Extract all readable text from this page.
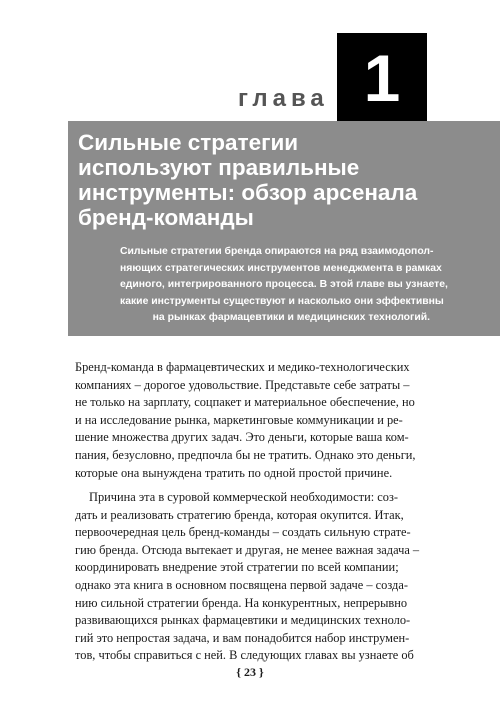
глава 1
Сильные стратегии
используют правильные
инструменты: обзор арсенала
бренд-команды
Сильные стратегии бренда опираются на ряд взаимодопол-
няющих стратегических инструментов менеджмента в рамках
единого, интегрированного процесса. В этой главе вы узнаете,
какие инструменты существуют и насколько они эффективны
на рынках фармацевтики и медицинских технологий.
Бренд-команда в фармацевтических и медико-технологических
компаниях – дорогое удовольствие. Представьте себе затраты –
не только на зарплату, соцпакет и материальное обеспечение, но
и на исследование рынка, маркетинговые коммуникации и ре-
шение множества других задач. Это деньги, которые ваша ком-
пания, безусловно, предпочла бы не тратить. Однако это деньги,
которые она вынуждена тратить по одной простой причине.
Причина эта в суровой коммерческой необходимости: соз-
дать и реализовать стратегию бренда, которая окупится. Итак,
первоочередная цель бренд-команды – создать сильную страте-
гию бренда. Отсюда вытекает и другая, не менее важная задача –
координировать внедрение этой стратегии по всей компании;
однако эта книга в основном посвящена первой задаче – созда-
нию сильной стратегии бренда. На конкурентных, непрерывно
развивающихся рынках фармацевтики и медицинских техноло-
гий это непростая задача, и вам понадобится набор инструмен-
тов, чтобы справиться с ней. В следующих главах вы узнаете об
{ 23 }
